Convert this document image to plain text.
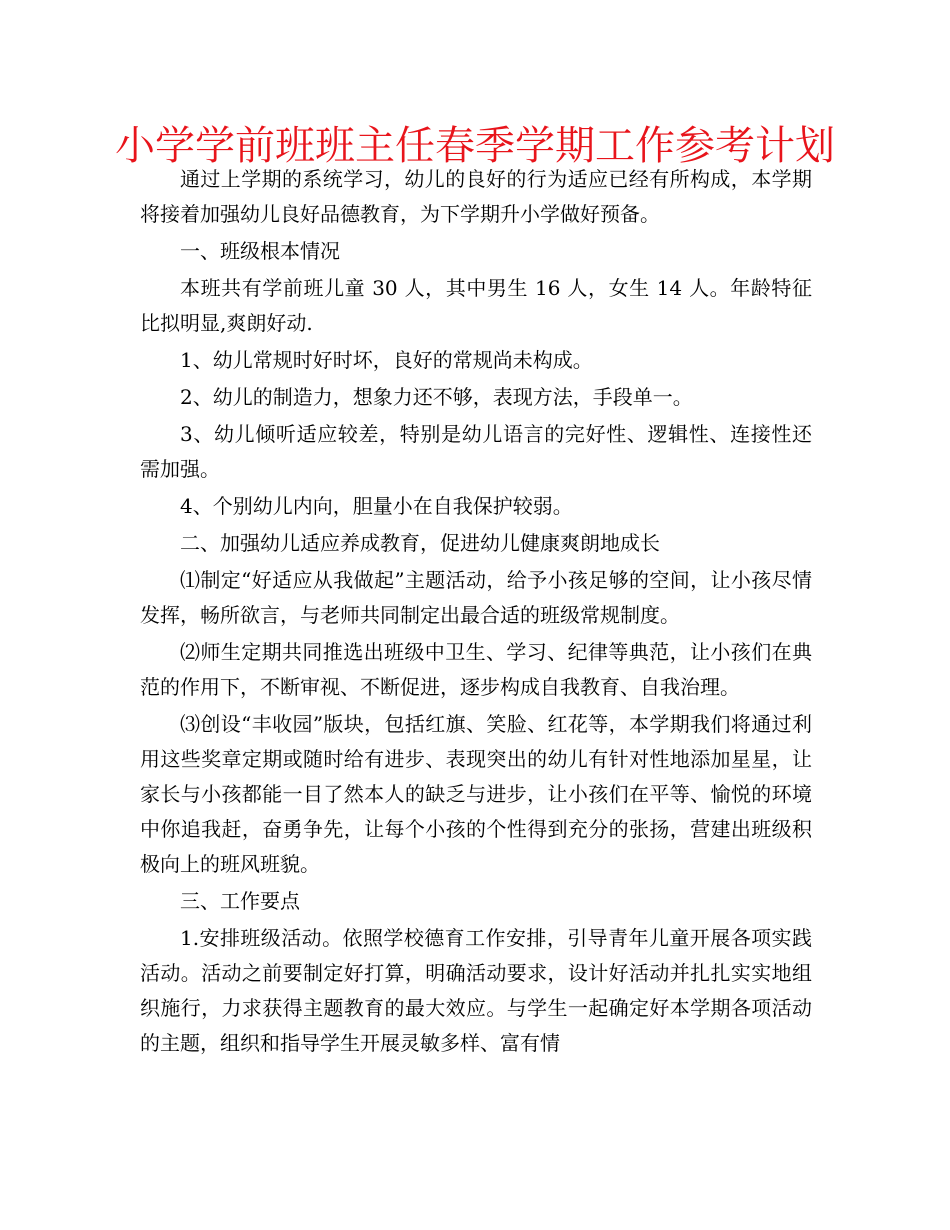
小学学前班班主任春季学期工作参考计划

通过上学期的系统学习，幼儿的良好的行为适应已经有所构成，本学期将接着加强幼儿良好品德教育，为下学期升小学做好预备。

一、班级根本情况

本班共有学前班儿童 30 人，其中男生 16 人，女生 14 人。年龄特征比拟明显,爽朗好动.

1、幼儿常规时好时坏，良好的常规尚未构成。

2、幼儿的制造力，想象力还不够，表现方法，手段单一。

3、幼儿倾听适应较差，特别是幼儿语言的完好性、逻辑性、连接性还需加强。

4、个别幼儿内向，胆量小在自我保护较弱。

二、加强幼儿适应养成教育，促进幼儿健康爽朗地成长

⑴制定“好适应从我做起”主题活动，给予小孩足够的空间，让小孩尽情发挥，畅所欲言，与老师共同制定出最合适的班级常规制度。

⑵师生定期共同推选出班级中卫生、学习、纪律等典范，让小孩们在典范的作用下，不断审视、不断促进，逐步构成自我教育、自我治理。

⑶创设“丰收园”版块，包括红旗、笑脸、红花等，本学期我们将通过利用这些奖章定期或随时给有进步、表现突出的幼儿有针对性地添加星星，让家长与小孩都能一目了然本人的缺乏与进步，让小孩们在平等、愉悦的环境中你追我赶，奋勇争先，让每个小孩的个性得到充分的张扬，营建出班级积极向上的班风班貌。

三、工作要点

1.安排班级活动。依照学校德育工作安排，引导青年儿童开展各项实践活动。活动之前要制定好打算，明确活动要求，设计好活动并扎扎实实地组织施行，力求获得主题教育的最大效应。与学生一起确定好本学期各项活动的主题，组织和指导学生开展灵敏多样、富有情
